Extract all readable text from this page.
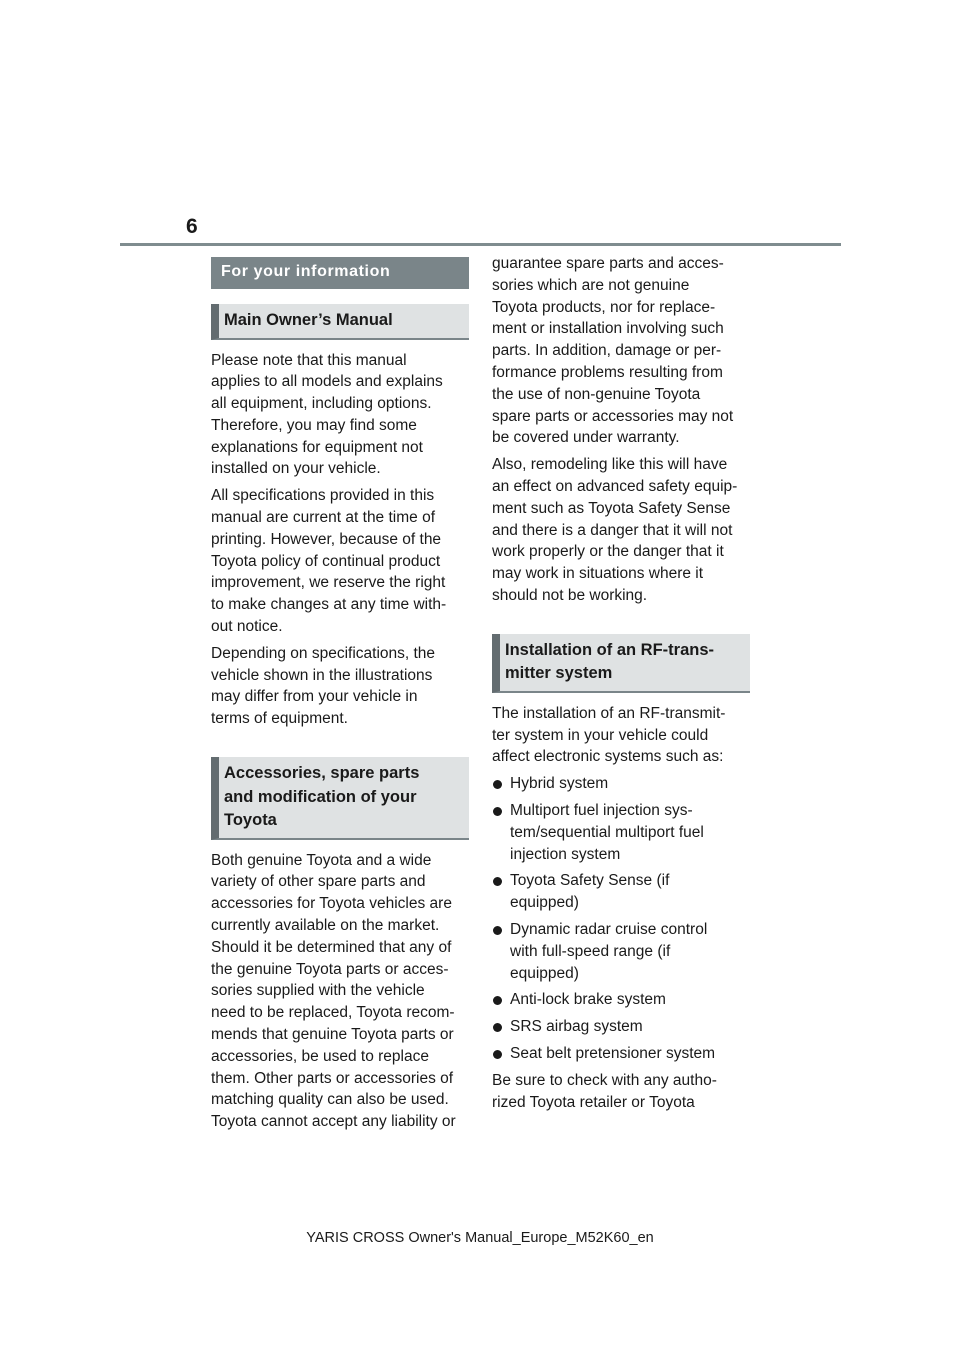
6
For your information
Main Owner’s Manual

Please note that this manual
applies to all models and explains
all equipment, including options.
Therefore, you may find some
explanations for equipment not
installed on your vehicle.

All specifications provided in this
manual are current at the time of
printing. However, because of the
Toyota policy of continual product
improvement, we reserve the right
to make changes at any time with-
out notice.

Depending on specifications, the
vehicle shown in the illustrations
may differ from your vehicle in
terms of equipment.

Accessories, spare parts
and modification of your
Toyota

Both genuine Toyota and a wide
variety of other spare parts and
accessories for Toyota vehicles are
currently available on the market.
Should it be determined that any of
the genuine Toyota parts or acces-
sories supplied with the vehicle
need to be replaced, Toyota recom-
mends that genuine Toyota parts or
accessories, be used to replace
them. Other parts or accessories of
matching quality can also be used.
Toyota cannot accept any liability or

guarantee spare parts and acces-
sories which are not genuine
Toyota products, nor for replace-
ment or installation involving such
parts. In addition, damage or per-
formance problems resulting from
the use of non-genuine Toyota
spare parts or accessories may not
be covered under warranty.

Also, remodeling like this will have
an effect on advanced safety equip-
ment such as Toyota Safety Sense
and there is a danger that it will not
work properly or the danger that it
may work in situations where it
should not be working.

Installation of an RF-trans-
mitter system

The installation of an RF-transmit-
ter system in your vehicle could
affect electronic systems such as:

Hybrid system
Multiport fuel injection sys-
tem/sequential multiport fuel
injection system
Toyota Safety Sense (if
equipped)
Dynamic radar cruise control
with full-speed range (if
equipped)
Anti-lock brake system
SRS airbag system
Seat belt pretensioner system

Be sure to check with any autho-
rized Toyota retailer or Toyota

YARIS CROSS Owner's Manual_Europe_M52K60_en
